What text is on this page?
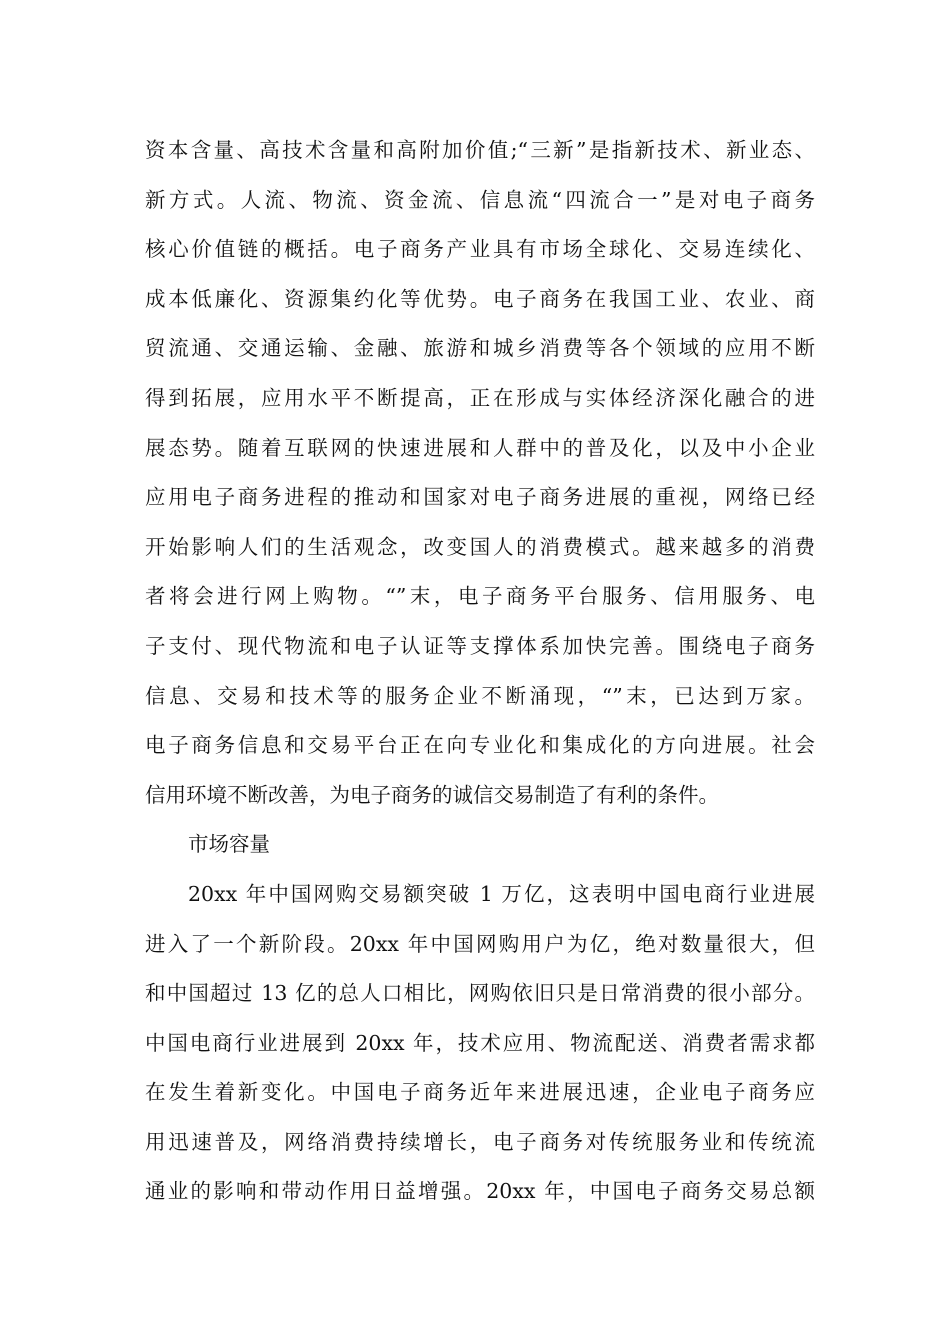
资本含量、高技术含量和高附加价值;“三新”是指新技术、新业态、
新方式。人流、物流、资金流、信息流“四流合一”是对电子商务
核心价值链的概括。电子商务产业具有市场全球化、交易连续化、
成本低廉化、资源集约化等优势。电子商务在我国工业、农业、商
贸流通、交通运输、金融、旅游和城乡消费等各个领域的应用不断
得到拓展，应用水平不断提高，正在形成与实体经济深化融合的进
展态势。随着互联网的快速进展和人群中的普及化，以及中小企业
应用电子商务进程的推动和国家对电子商务进展的重视，网络已经
开始影响人们的生活观念，改变国人的消费模式。越来越多的消费
者将会进行网上购物。“”末，电子商务平台服务、信用服务、电
子支付、现代物流和电子认证等支撑体系加快完善。围绕电子商务
信息、交易和技术等的服务企业不断涌现，“”末，已达到万家。
电子商务信息和交易平台正在向专业化和集成化的方向进展。社会
信用环境不断改善，为电子商务的诚信交易制造了有利的条件。
市场容量
20xx 年中国网购交易额突破 1 万亿，这表明中国电商行业进展
进入了一个新阶段。20xx 年中国网购用户为亿，绝对数量很大，但
和中国超过 13 亿的总人口相比，网购依旧只是日常消费的很小部分。
中国电商行业进展到 20xx 年，技术应用、物流配送、消费者需求都
在发生着新变化。中国电子商务近年来进展迅速，企业电子商务应
用迅速普及，网络消费持续增长，电子商务对传统服务业和传统流
通业的影响和带动作用日益增强。20xx 年，中国电子商务交易总额
